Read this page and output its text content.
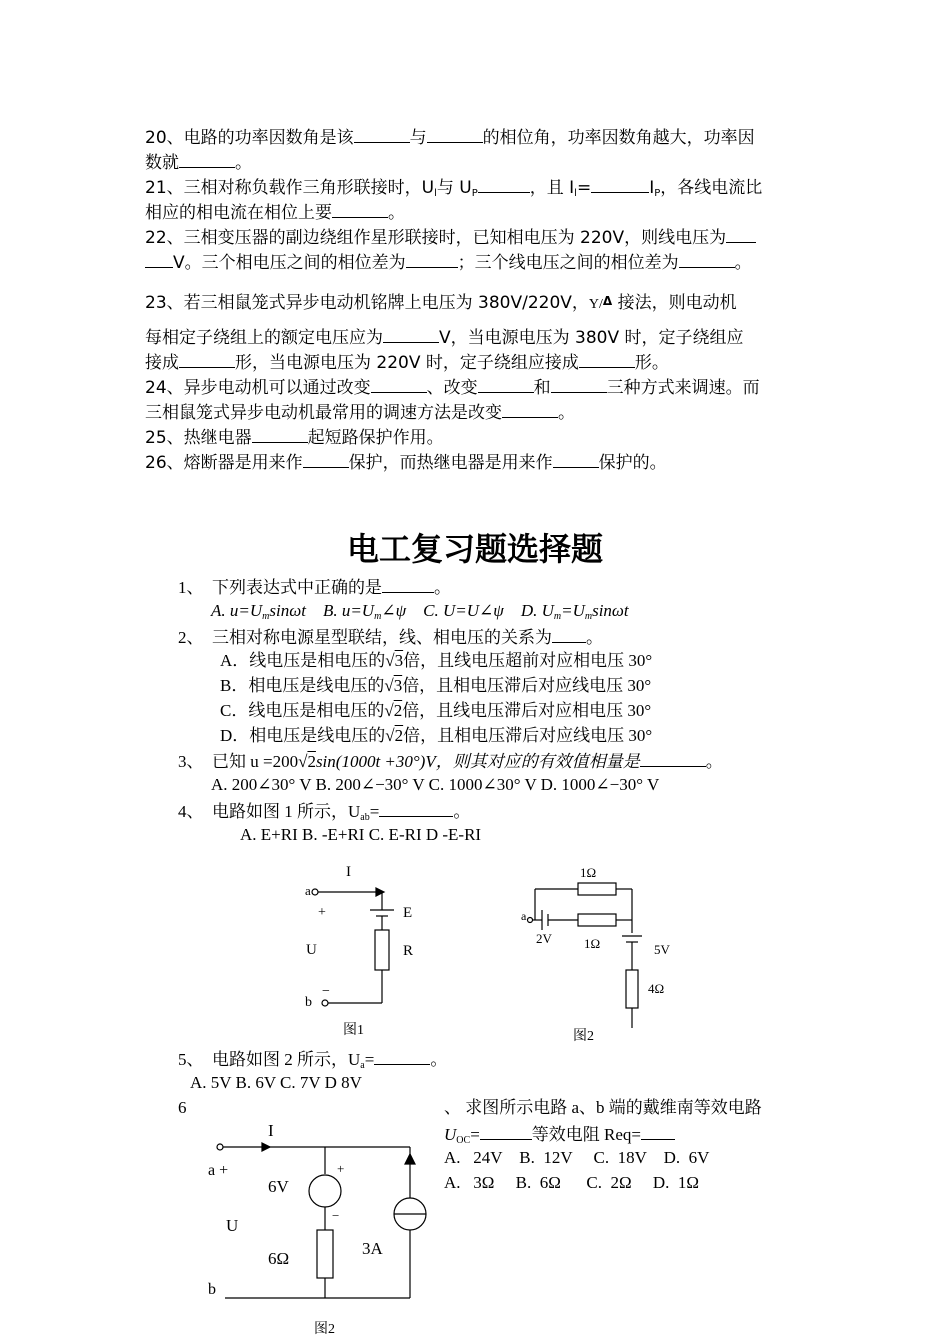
20、电路的功率因数角是该	与	的相位角，功率因数角越大，功率因
数就	。
21、三相对称负载作三角形联接时，$U_l$与 $U_P$	，且 $I_l=$	$I_P$，各线电流比
相应的相电流在相位上要	。
22、三相变压器的副边绕组作星形联接时，已知相电压为 220V，则线电压为
V。三个相电压之间的相位差为	；三个线电压之间的相位差为	。
23、若三相鼠笼式异步电动机铭牌上电压为 380V/220V，Y/Δ 接法，则电动机
每相定子绕组上的额定电压应为	V，当电源电压为 380V 时，定子绕组应
接成	形，当电源电压为 220V 时，定子绕组应接成	形。
24、异步电动机可以通过改变	、改变	和	三种方式来调速。而
三相鼠笼式异步电动机最常用的调速方法是改变	。
25、热继电器	起短路保护作用。
26、熔断器是用来作	保护，而热继电器是用来作	保护的。
电工复习题选择题
1、 下列表达式中正确的是	。
A. $u=U_m\sin\omega t$ B. $u=U_m\angle\psi$ C. U=U∠ψ D. $U_m=U_m\sin\omega t$
2、 三相对称电源星型联结，线、相电压的关系为 。
A．线电压是相电压的√3倍，且线电压超前对应相电压 30°
B．相电压是线电压的√3倍，且相电压滞后对应线电压 30°
C．线电压是相电压的√2倍，且线电压滞后对应相电压 30°
D．相电压是线电压的√2倍，且相电压滞后对应线电压 30°
3、 已知 u =200√2sin(1000t +30°)V，则其对应的有效值相量是	。
A. 200∠30° V B. 200∠−30° V C. 1000∠30° V D. 1000∠−30° V
4、 电路如图 1 所示，$U_{ab}=$	。
A. E+RI B. -E+RI C. E-RI D -E-RI
I
a
+	E
U	R
−
b
图1
1Ω
a
2V 1Ω	5V
4Ω
图2
5、 电路如图 2 所示，$U_a=$	。
A. 5V B. 6V C. 7V D 8V
6	、 求图所示电路 a、b 端的戴维南等效电路
$U_{OC}=$	等效电阻 Req=
A.   24V    B.  12V     C.  18V    D.  6V
A.   3Ω     B.  6Ω      C.  2Ω     D.  1Ω
I
a +
6V
+
−
U
6Ω
3A
b
图2
